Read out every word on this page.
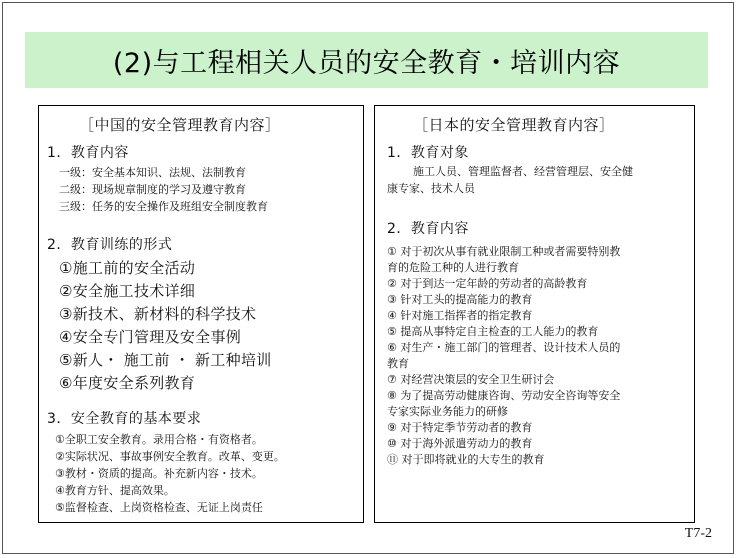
(2)与工程相关人员的安全教育・培训内容
［中国的安全管理教育内容］
1．教育内容
一级：安全基本知识、法规、法制教育
二级：现场规章制度的学习及遵守教育
三级：任务的安全操作及班组安全制度教育
2．教育训练的形式
①施工前的安全活动
②安全施工技术详细
③新技术、新材料的科学技术
④安全专门管理及安全事例
⑤新人・ 施工前 ・ 新工种培训
⑥年度安全系列教育
3．安全教育的基本要求
①全职工安全教育。录用合格・有资格者。
②实际状况、事故事例安全教育。改革、变更。
③教材・资质的提高。补充新内容・技术。
④教育方针、提高效果。
⑤监督检查、上岗资格检查、无证上岗责任
［日本的安全管理教育内容］
1．教育对象
施工人员、管理监督者、经营管理层、安全健
康专家、技术人员
2．教育内容
① 对于初次从事有就业限制工种或者需要特别教
育的危险工种的人进行教育
② 对于到达一定年龄的劳动者的高龄教育
③ 针对工头的提高能力的教育
④ 针对施工指挥者的指定教育
⑤ 提高从事特定自主检查的工人能力的教育
⑥ 对生产・施工部门的管理者、设计技术人员的
教育
⑦ 对经营决策层的安全卫生研讨会
⑧ 为了提高劳动健康咨询、劳动安全咨询等安全
专家实际业务能力的研修
⑨ 对于特定季节劳动者的教育
⑩ 对于海外派遣劳动力的教育
⑪ 对于即将就业的大专生的教育
T7-2
